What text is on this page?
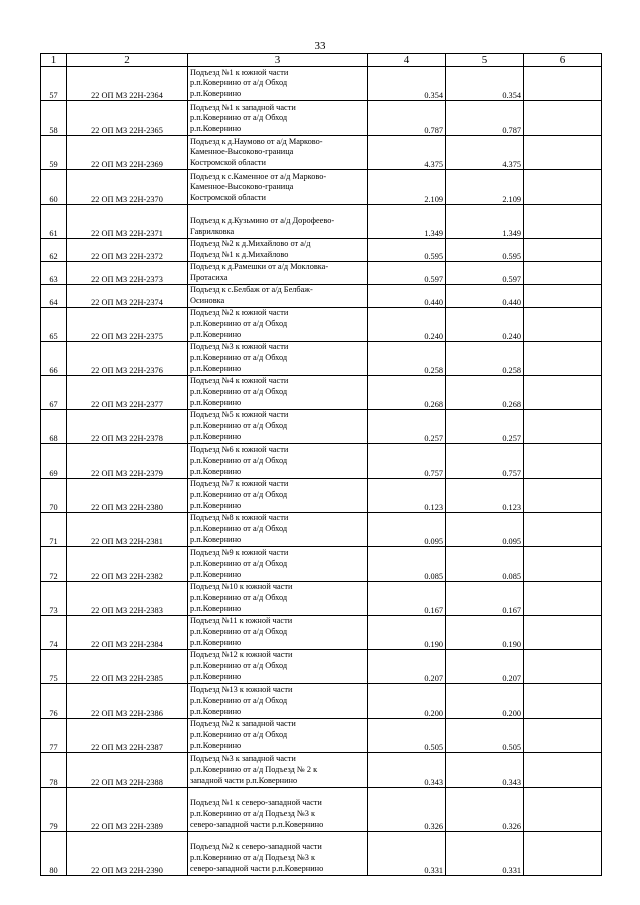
33
1	2	3	4	5	6
57	22 ОП МЗ 22Н-2364	Подъезд №1 к южной части
р.п.Ковернино от а/д Обход
р.п.Ковернино	0.354	0.354	
58	22 ОП МЗ 22Н-2365	Подъезд №1 к западной части
р.п.Ковернино от а/д Обход
р.п.Ковернино	0.787	0.787	
59	22 ОП МЗ 22Н-2369	Подъезд к д.Наумово от а/д Марково-
Каменное-Высоково-граница
Костромской области	4.375	4.375	
60	22 ОП МЗ 22Н-2370	Подъезд к с.Каменное от а/д Марково-
Каменное-Высоково-граница
Костромской области	2.109	2.109	
61	22 ОП МЗ 22Н-2371	Подъезд к д.Кузьмино от а/д Дорофеево-
Гаврилковка	1.349	1.349	
62	22 ОП МЗ 22Н-2372	Подъезд №2 к д.Михайлово от а/д
Подъезд №1 к д.Михайлово	0.595	0.595	
63	22 ОП МЗ 22Н-2373	Подъезд к д.Рамешки от а/д Мокловка-
Протасиха	0.597	0.597	
64	22 ОП МЗ 22Н-2374	Подъезд к с.Белбаж от а/д Белбаж-
Осиновка	0.440	0.440	
65	22 ОП МЗ 22Н-2375	Подъезд №2 к южной части
р.п.Ковернино от а/д Обход
р.п.Ковернино	0.240	0.240	
66	22 ОП МЗ 22Н-2376	Подъезд №3 к южной части
р.п.Ковернино от а/д Обход
р.п.Ковернино	0.258	0.258	
67	22 ОП МЗ 22Н-2377	Подъезд №4 к южной части
р.п.Ковернино от а/д Обход
р.п.Ковернино	0.268	0.268	
68	22 ОП МЗ 22Н-2378	Подъезд №5 к южной части
р.п.Ковернино от а/д Обход
р.п.Ковернино	0.257	0.257	
69	22 ОП МЗ 22Н-2379	Подъезд №6 к южной части
р.п.Ковернино от а/д Обход
р.п.Ковернино	0.757	0.757	
70	22 ОП МЗ 22Н-2380	Подъезд №7 к южной части
р.п.Ковернино от а/д Обход
р.п.Ковернино	0.123	0.123	
71	22 ОП МЗ 22Н-2381	Подъезд №8 к южной части
р.п.Ковернино от а/д Обход
р.п.Ковернино	0.095	0.095	
72	22 ОП МЗ 22Н-2382	Подъезд №9 к южной части
р.п.Ковернино от а/д Обход
р.п.Ковернино	0.085	0.085	
73	22 ОП МЗ 22Н-2383	Подъезд №10 к южной части
р.п.Ковернино от а/д Обход
р.п.Ковернино	0.167	0.167	
74	22 ОП МЗ 22Н-2384	Подъезд №11 к южной части
р.п.Ковернино от а/д Обход
р.п.Ковернино	0.190	0.190	
75	22 ОП МЗ 22Н-2385	Подъезд №12 к южной части
р.п.Ковернино от а/д Обход
р.п.Ковернино	0.207	0.207	
76	22 ОП МЗ 22Н-2386	Подъезд №13 к южной части
р.п.Ковернино от а/д Обход
р.п.Ковернино	0.200	0.200	
77	22 ОП МЗ 22Н-2387	Подъезд №2 к западной части
р.п.Ковернино от а/д Обход
р.п.Ковернино	0.505	0.505	
78	22 ОП МЗ 22Н-2388	Подъезд №3 к западной части
р.п.Ковернино от а/д Подъезд № 2 к
западной части р.п.Ковернино	0.343	0.343	
79	22 ОП МЗ 22Н-2389	Подъезд №1 к северо-западной части
р.п.Ковернино от а/д Подъезд №3 к
северо-западной части р.п.Ковернино	0.326	0.326	
80	22 ОП МЗ 22Н-2390	Подъезд №2 к северо-западной части
р.п.Ковернино от а/д Подъезд №3 к
северо-западной части р.п.Ковернино	0.331	0.331	
